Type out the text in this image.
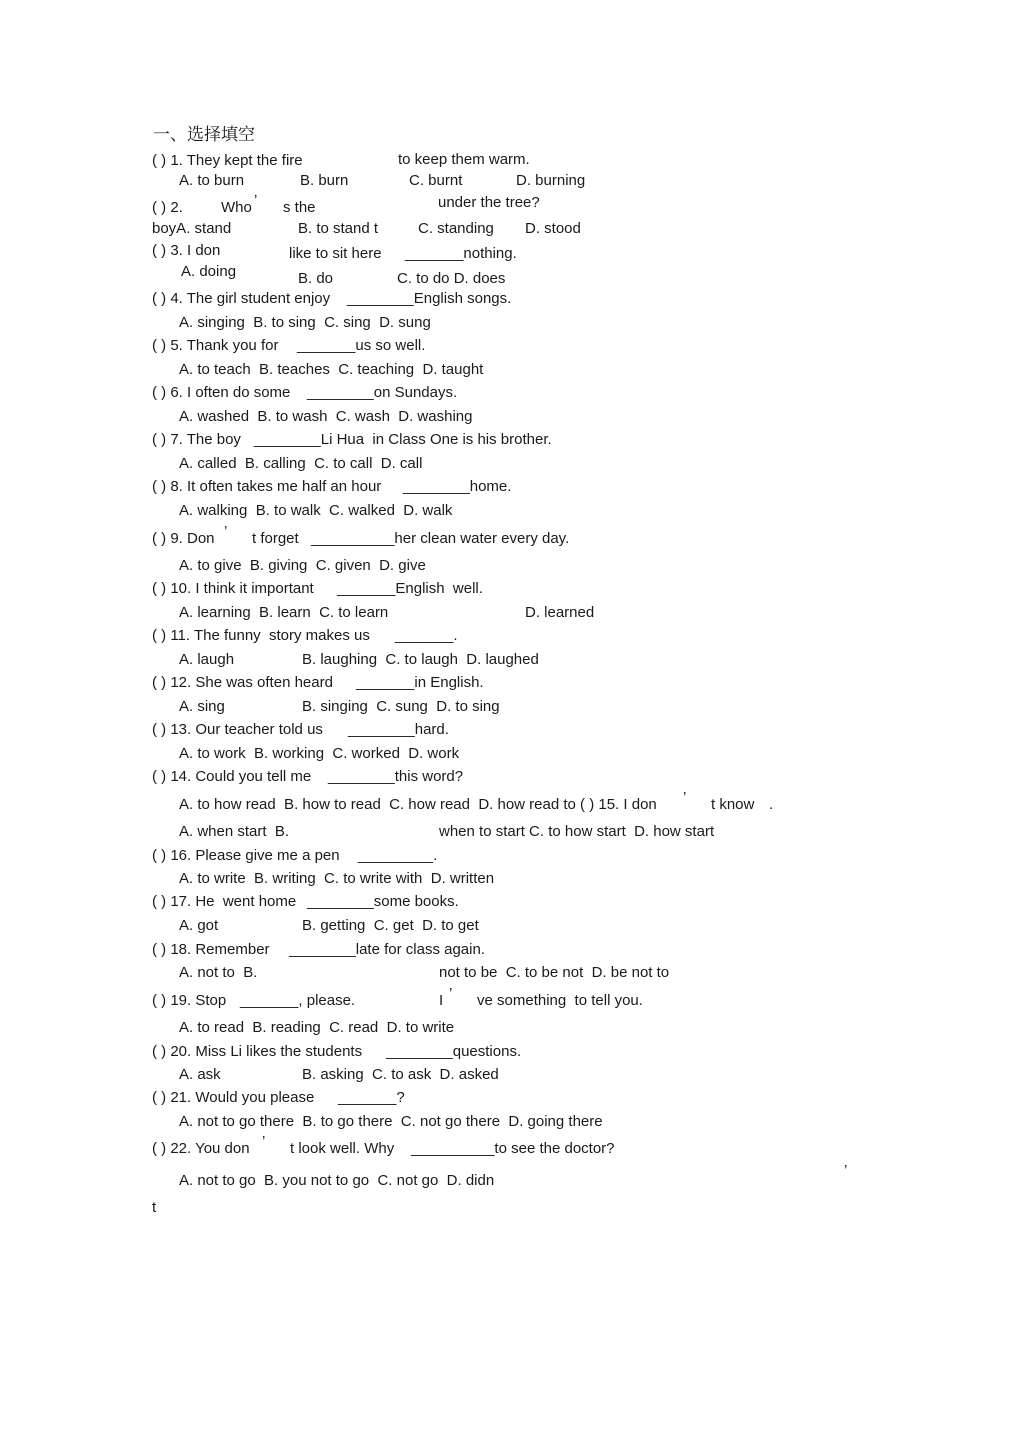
一、选择填空
( ) 1. They kept the fire	to keep them warm.
A. to burn	B. burn	C. burnt	D. burning
( ) 2.	Who ’ s the	under the tree?
boyA. stand	B. to stand t	C. standing D. stood
( ) 3. I don	like to sit here _______nothing.
A. doing	B. do	C. to do D. does
( ) 4. The girl student enjoy ________English songs.
A. singing  B. to sing  C. sing  D. sung
( ) 5. Thank you for _______us so well.
A. to teach  B. teaches  C. teaching  D. taught
( ) 6. I often do some ________on Sundays.
A. washed  B. to wash  C. wash  D. washing
( ) 7. The boy ________Li Hua  in Class One is his brother.
A. called  B. calling  C. to call  D. call
( ) 8. It often takes me half an hour ________home.
A. walking  B. to walk  C. walked  D. walk
( ) 9. Don ’ t forget __________her clean water every day.
A. to give  B. giving  C. given  D. give
( ) 10. I think it important _______English  well.
A. learning  B. learn  C. to learn	D. learned
( ) 11. The funny  story makes us _______.
A. laugh	B. laughing  C. to laugh  D. laughed
( ) 12. She was often heard _______in English.
A. sing	B. singing  C. sung  D. to sing
( ) 13. Our teacher told us ________hard.
A. to work  B. working  C. worked  D. work
( ) 14. Could you tell me ________this word?
A. to how read  B. how to read  C. how read  D. how read to ( ) 15. I don ’ t know .
A. when start  B.	when to start C. to how start  D. how start
( ) 16. Please give me a pen _________.
A. to write  B. writing  C. to write with  D. written
( ) 17. He  went home ________some books.
A. got	B. getting  C. get  D. to get
( ) 18. Remember ________late for class again.
A. not to  B.	not to be  C. to be not  D. be not to
( ) 19. Stop _______, please.	I ’ ve something  to tell you.
A. to read  B. reading  C. read  D. to write
( ) 20. Miss Li likes the students ________questions.
A. ask	B. asking  C. to ask  D. asked
( ) 21. Would you please _______?
A. not to go there  B. to go there  C. not go there  D. going there
( ) 22. You don ’ t look well. Why __________to see the doctor?
’
A. not to go  B. you not to go  C. not go  D. didn
t
